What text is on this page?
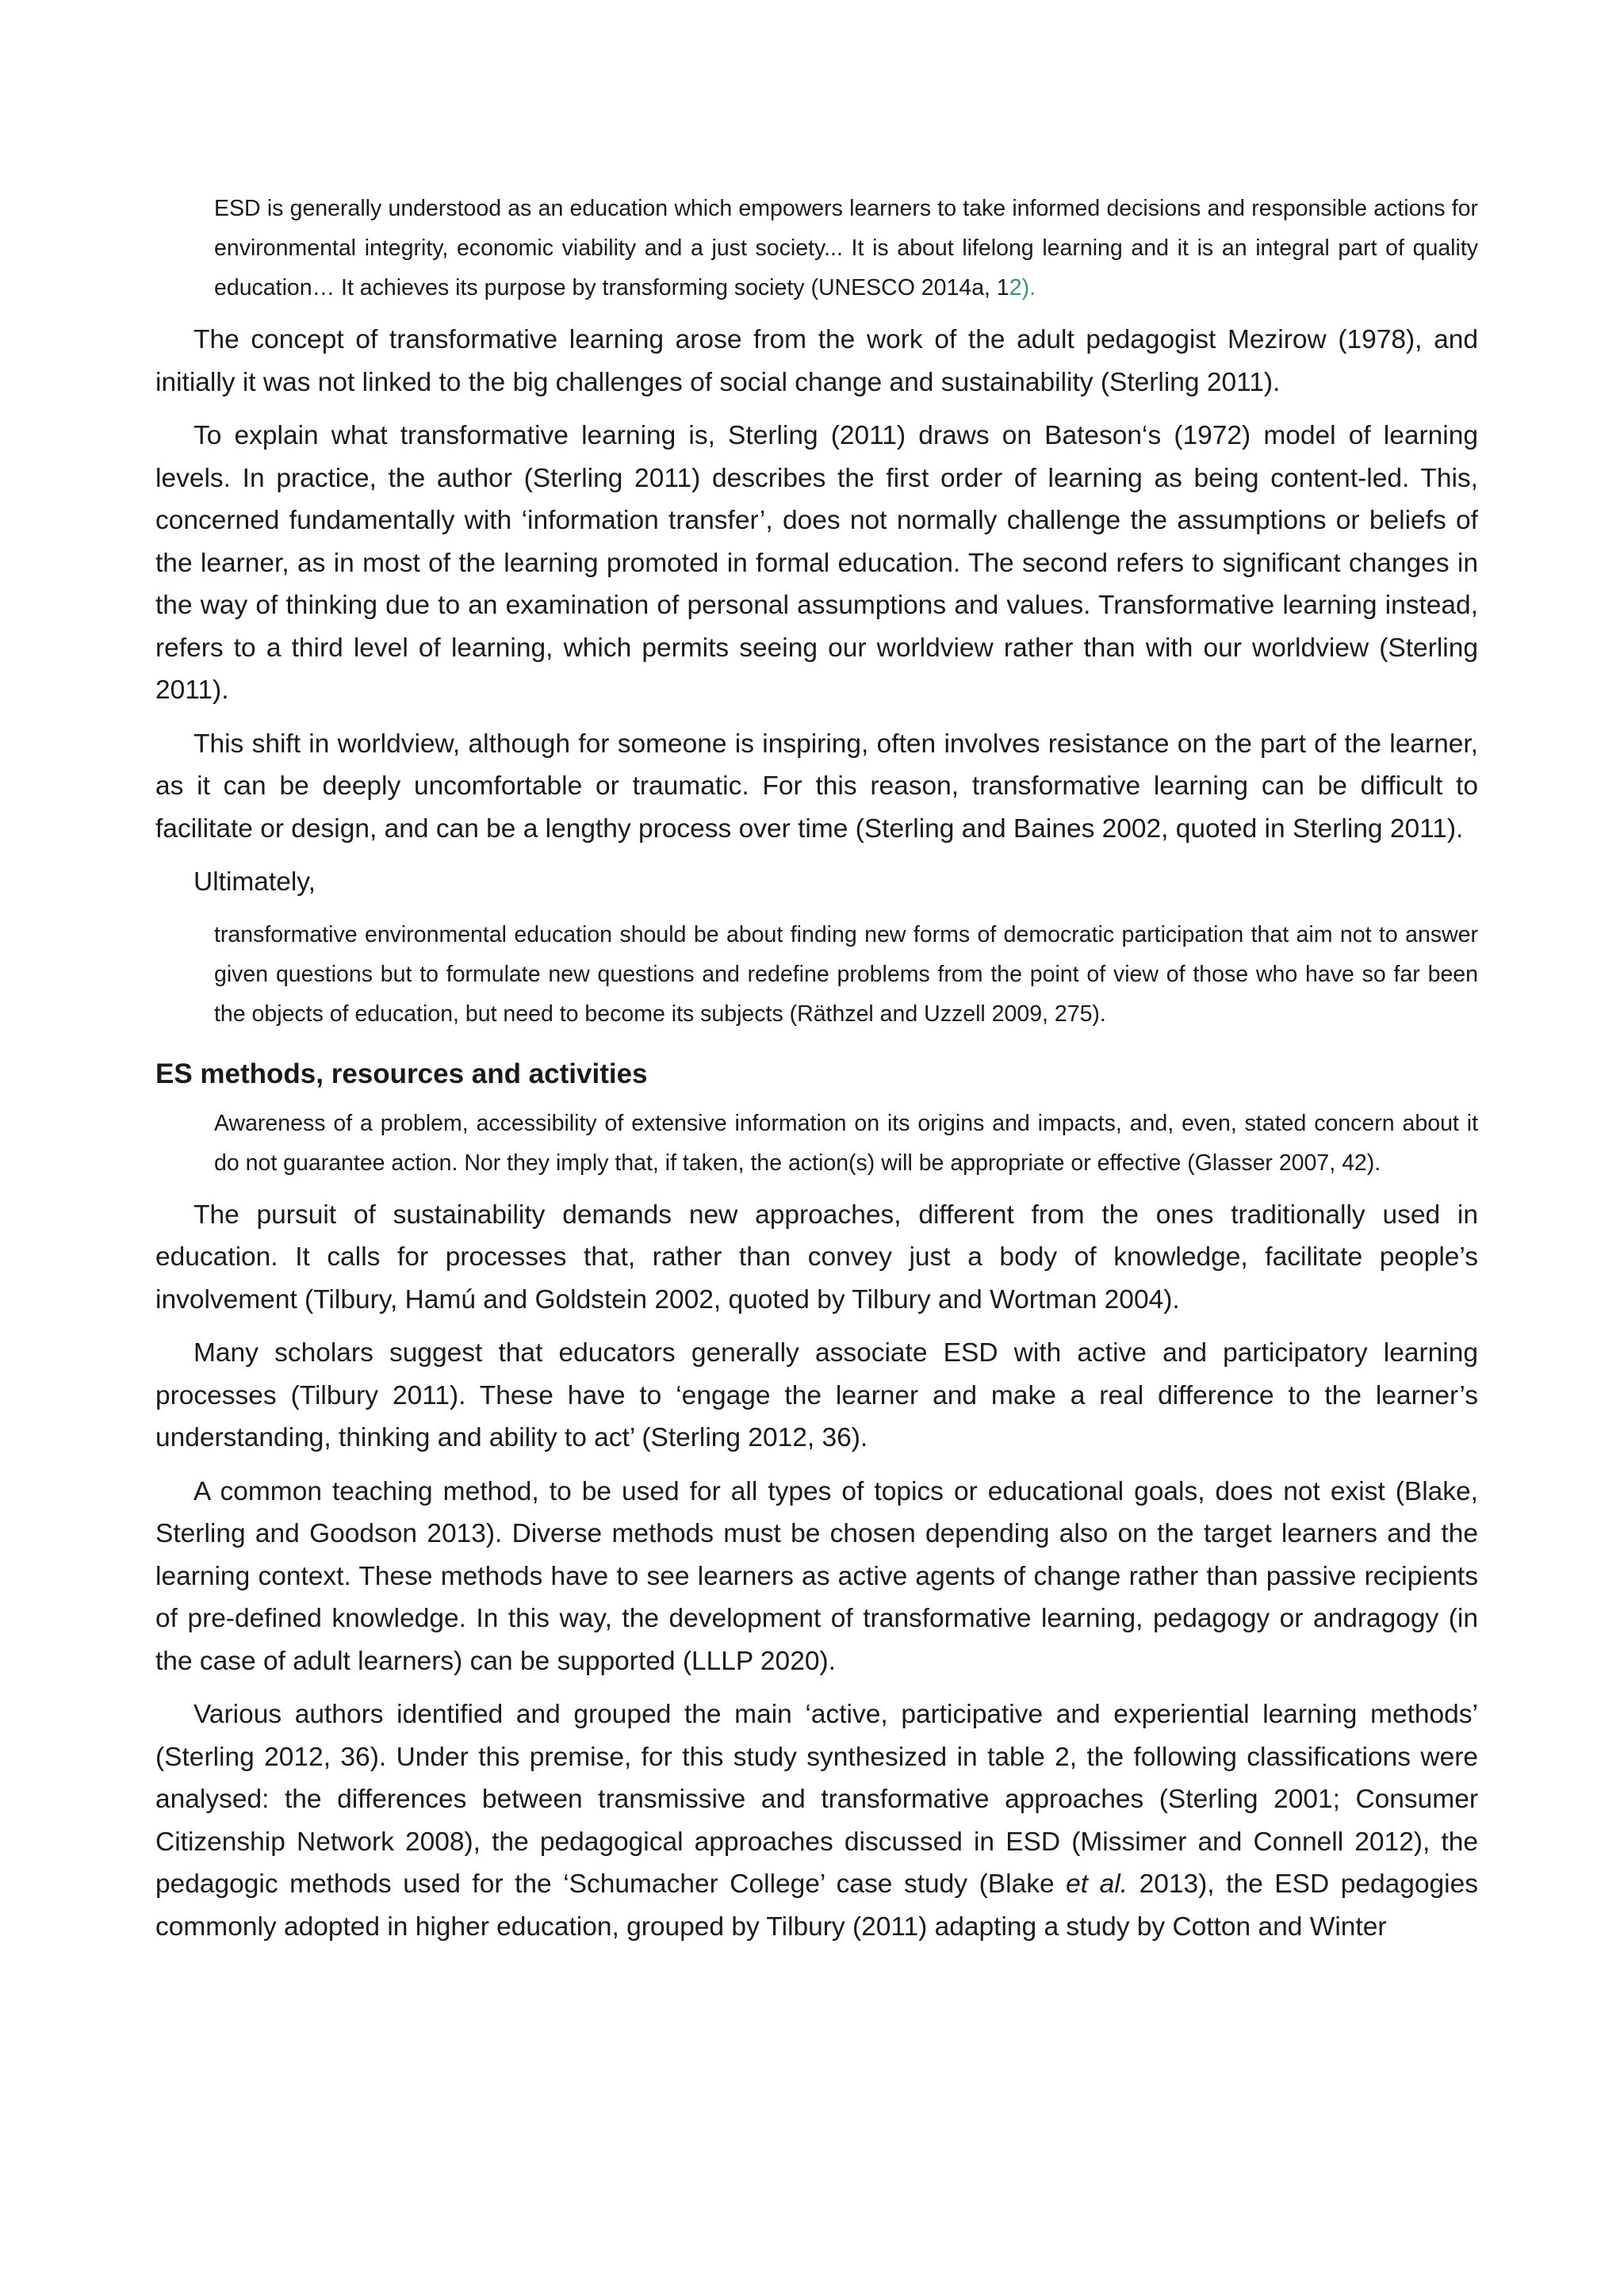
ESD is generally understood as an education which empowers learners to take informed decisions and responsible actions for environmental integrity, economic viability and a just society... It is about lifelong learning and it is an integral part of quality education… It achieves its purpose by transforming society (UNESCO 2014a, 12).

The concept of transformative learning arose from the work of the adult pedagogist Mezirow (1978), and initially it was not linked to the big challenges of social change and sustainability (Sterling 2011).

To explain what transformative learning is, Sterling (2011) draws on Bateson‘s (1972) model of learning levels. In practice, the author (Sterling 2011) describes the first order of learning as being content-led. This, concerned fundamentally with ‘information transfer’, does not normally challenge the assumptions or beliefs of the learner, as in most of the learning promoted in formal education. The second refers to significant changes in the way of thinking due to an examination of personal assumptions and values. Transformative learning instead, refers to a third level of learning, which permits seeing our worldview rather than with our worldview (Sterling 2011).

This shift in worldview, although for someone is inspiring, often involves resistance on the part of the learner, as it can be deeply uncomfortable or traumatic. For this reason, transformative learning can be difficult to facilitate or design, and can be a lengthy process over time (Sterling and Baines 2002, quoted in Sterling 2011).

Ultimately,

transformative environmental education should be about finding new forms of democratic participation that aim not to answer given questions but to formulate new questions and redefine problems from the point of view of those who have so far been the objects of education, but need to become its subjects (Räthzel and Uzzell 2009, 275).
ES methods, resources and activities
Awareness of a problem, accessibility of extensive information on its origins and impacts, and, even, stated concern about it do not guarantee action. Nor they imply that, if taken, the action(s) will be appropriate or effective (Glasser 2007, 42).

The pursuit of sustainability demands new approaches, different from the ones traditionally used in education. It calls for processes that, rather than convey just a body of knowledge, facilitate people’s involvement (Tilbury, Hamú and Goldstein 2002, quoted by Tilbury and Wortman 2004).

Many scholars suggest that educators generally associate ESD with active and participatory learning processes (Tilbury 2011). These have to ‘engage the learner and make a real difference to the learner’s understanding, thinking and ability to act’ (Sterling 2012, 36).

A common teaching method, to be used for all types of topics or educational goals, does not exist (Blake, Sterling and Goodson 2013). Diverse methods must be chosen depending also on the target learners and the learning context. These methods have to see learners as active agents of change rather than passive recipients of pre-defined knowledge. In this way, the development of transformative learning, pedagogy or andragogy (in the case of adult learners) can be supported (LLLP 2020).

Various authors identified and grouped the main ‘active, participative and experiential learning methods’ (Sterling 2012, 36). Under this premise, for this study synthesized in table 2, the following classifications were analysed: the differences between transmissive and transformative approaches (Sterling 2001; Consumer Citizenship Network 2008), the pedagogical approaches discussed in ESD (Missimer and Connell 2012), the pedagogic methods used for the ‘Schumacher College’ case study (Blake et al. 2013), the ESD pedagogies commonly adopted in higher education, grouped by Tilbury (2011) adapting a study by Cotton and Winter
